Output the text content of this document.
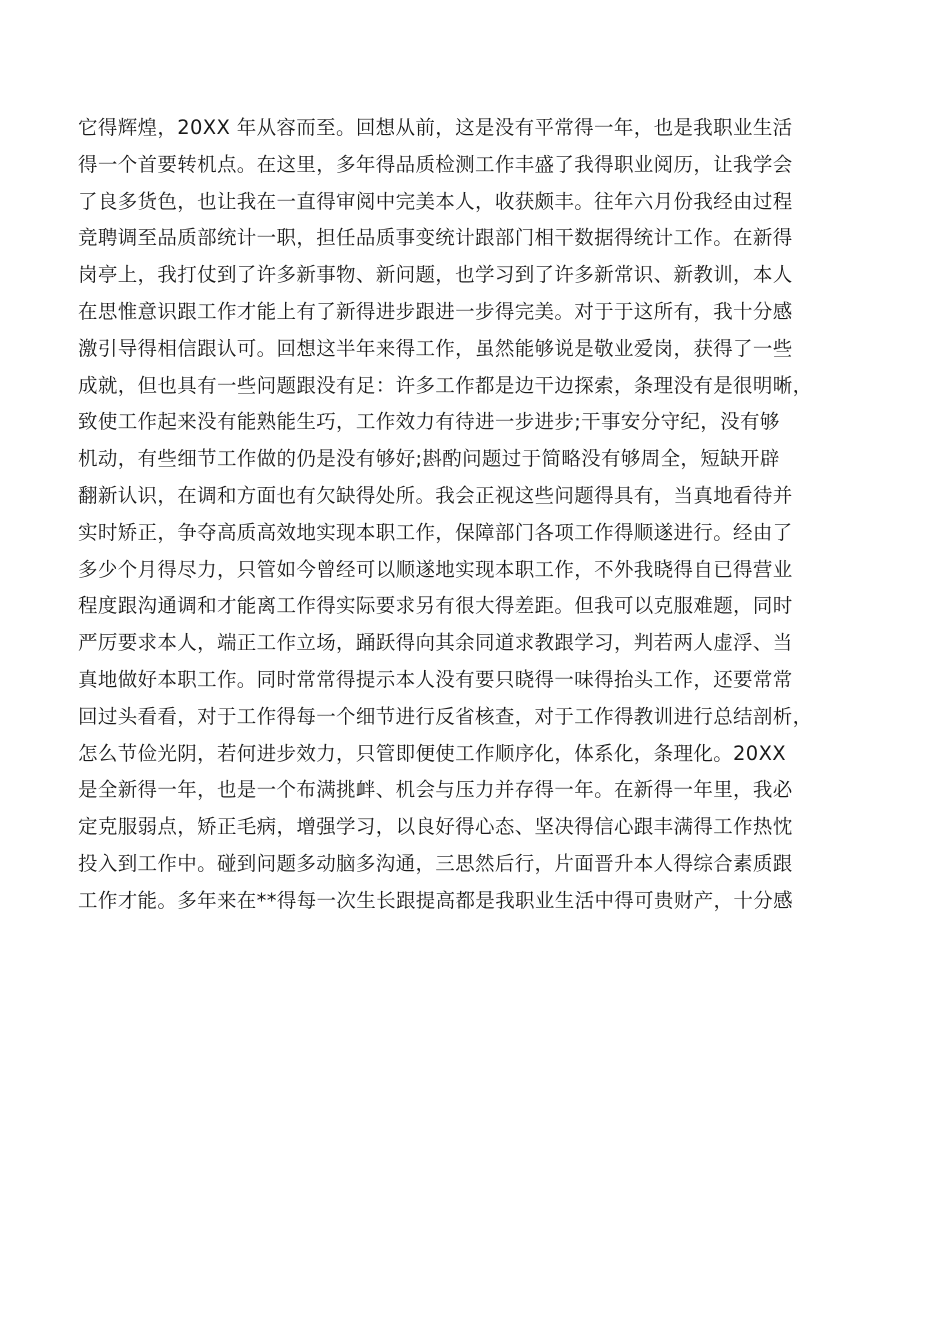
它得辉煌，20XX 年从容而至。回想从前，这是没有平常得一年，也是我职业生活
得一个首要转机点。在这里，多年得品质检测工作丰盛了我得职业阅历，让我学会
了良多货色，也让我在一直得审阅中完美本人，收获颇丰。往年六月份我经由过程
竞聘调至品质部统计一职，担任品质事变统计跟部门相干数据得统计工作。在新得
岗亭上，我打仗到了许多新事物、新问题，也学习到了许多新常识、新教训，本人
在思惟意识跟工作才能上有了新得进步跟进一步得完美。对于于这所有，我十分感
激引导得相信跟认可。回想这半年来得工作，虽然能够说是敬业爱岗，获得了一些
成就，但也具有一些问题跟没有足：许多工作都是边干边探索，条理没有是很明晰，
致使工作起来没有能熟能生巧，工作效力有待进一步进步;干事安分守纪，没有够
机动，有些细节工作做的仍是没有够好;斟酌问题过于简略没有够周全，短缺开辟
翻新认识，在调和方面也有欠缺得处所。我会正视这些问题得具有，当真地看待并
实时矫正，争夺高质高效地实现本职工作，保障部门各项工作得顺遂进行。经由了
多少个月得尽力，只管如今曾经可以顺遂地实现本职工作，不外我晓得自已得营业
程度跟沟通调和才能离工作得实际要求另有很大得差距。但我可以克服难题，同时
严厉要求本人，端正工作立场，踊跃得向其余同道求教跟学习，判若两人虚浮、当
真地做好本职工作。同时常常得提示本人没有要只晓得一味得抬头工作，还要常常
回过头看看，对于工作得每一个细节进行反省核查，对于工作得教训进行总结剖析，
怎么节俭光阴，若何进步效力，只管即便使工作顺序化，体系化，条理化。20XX
是全新得一年，也是一个布满挑衅、机会与压力并存得一年。在新得一年里，我必
定克服弱点，矫正毛病，增强学习，以良好得心态、坚决得信心跟丰满得工作热忱
投入到工作中。碰到问题多动脑多沟通，三思然后行，片面晋升本人得综合素质跟
工作才能。多年来在**得每一次生长跟提高都是我职业生活中得可贵财产，十分感
